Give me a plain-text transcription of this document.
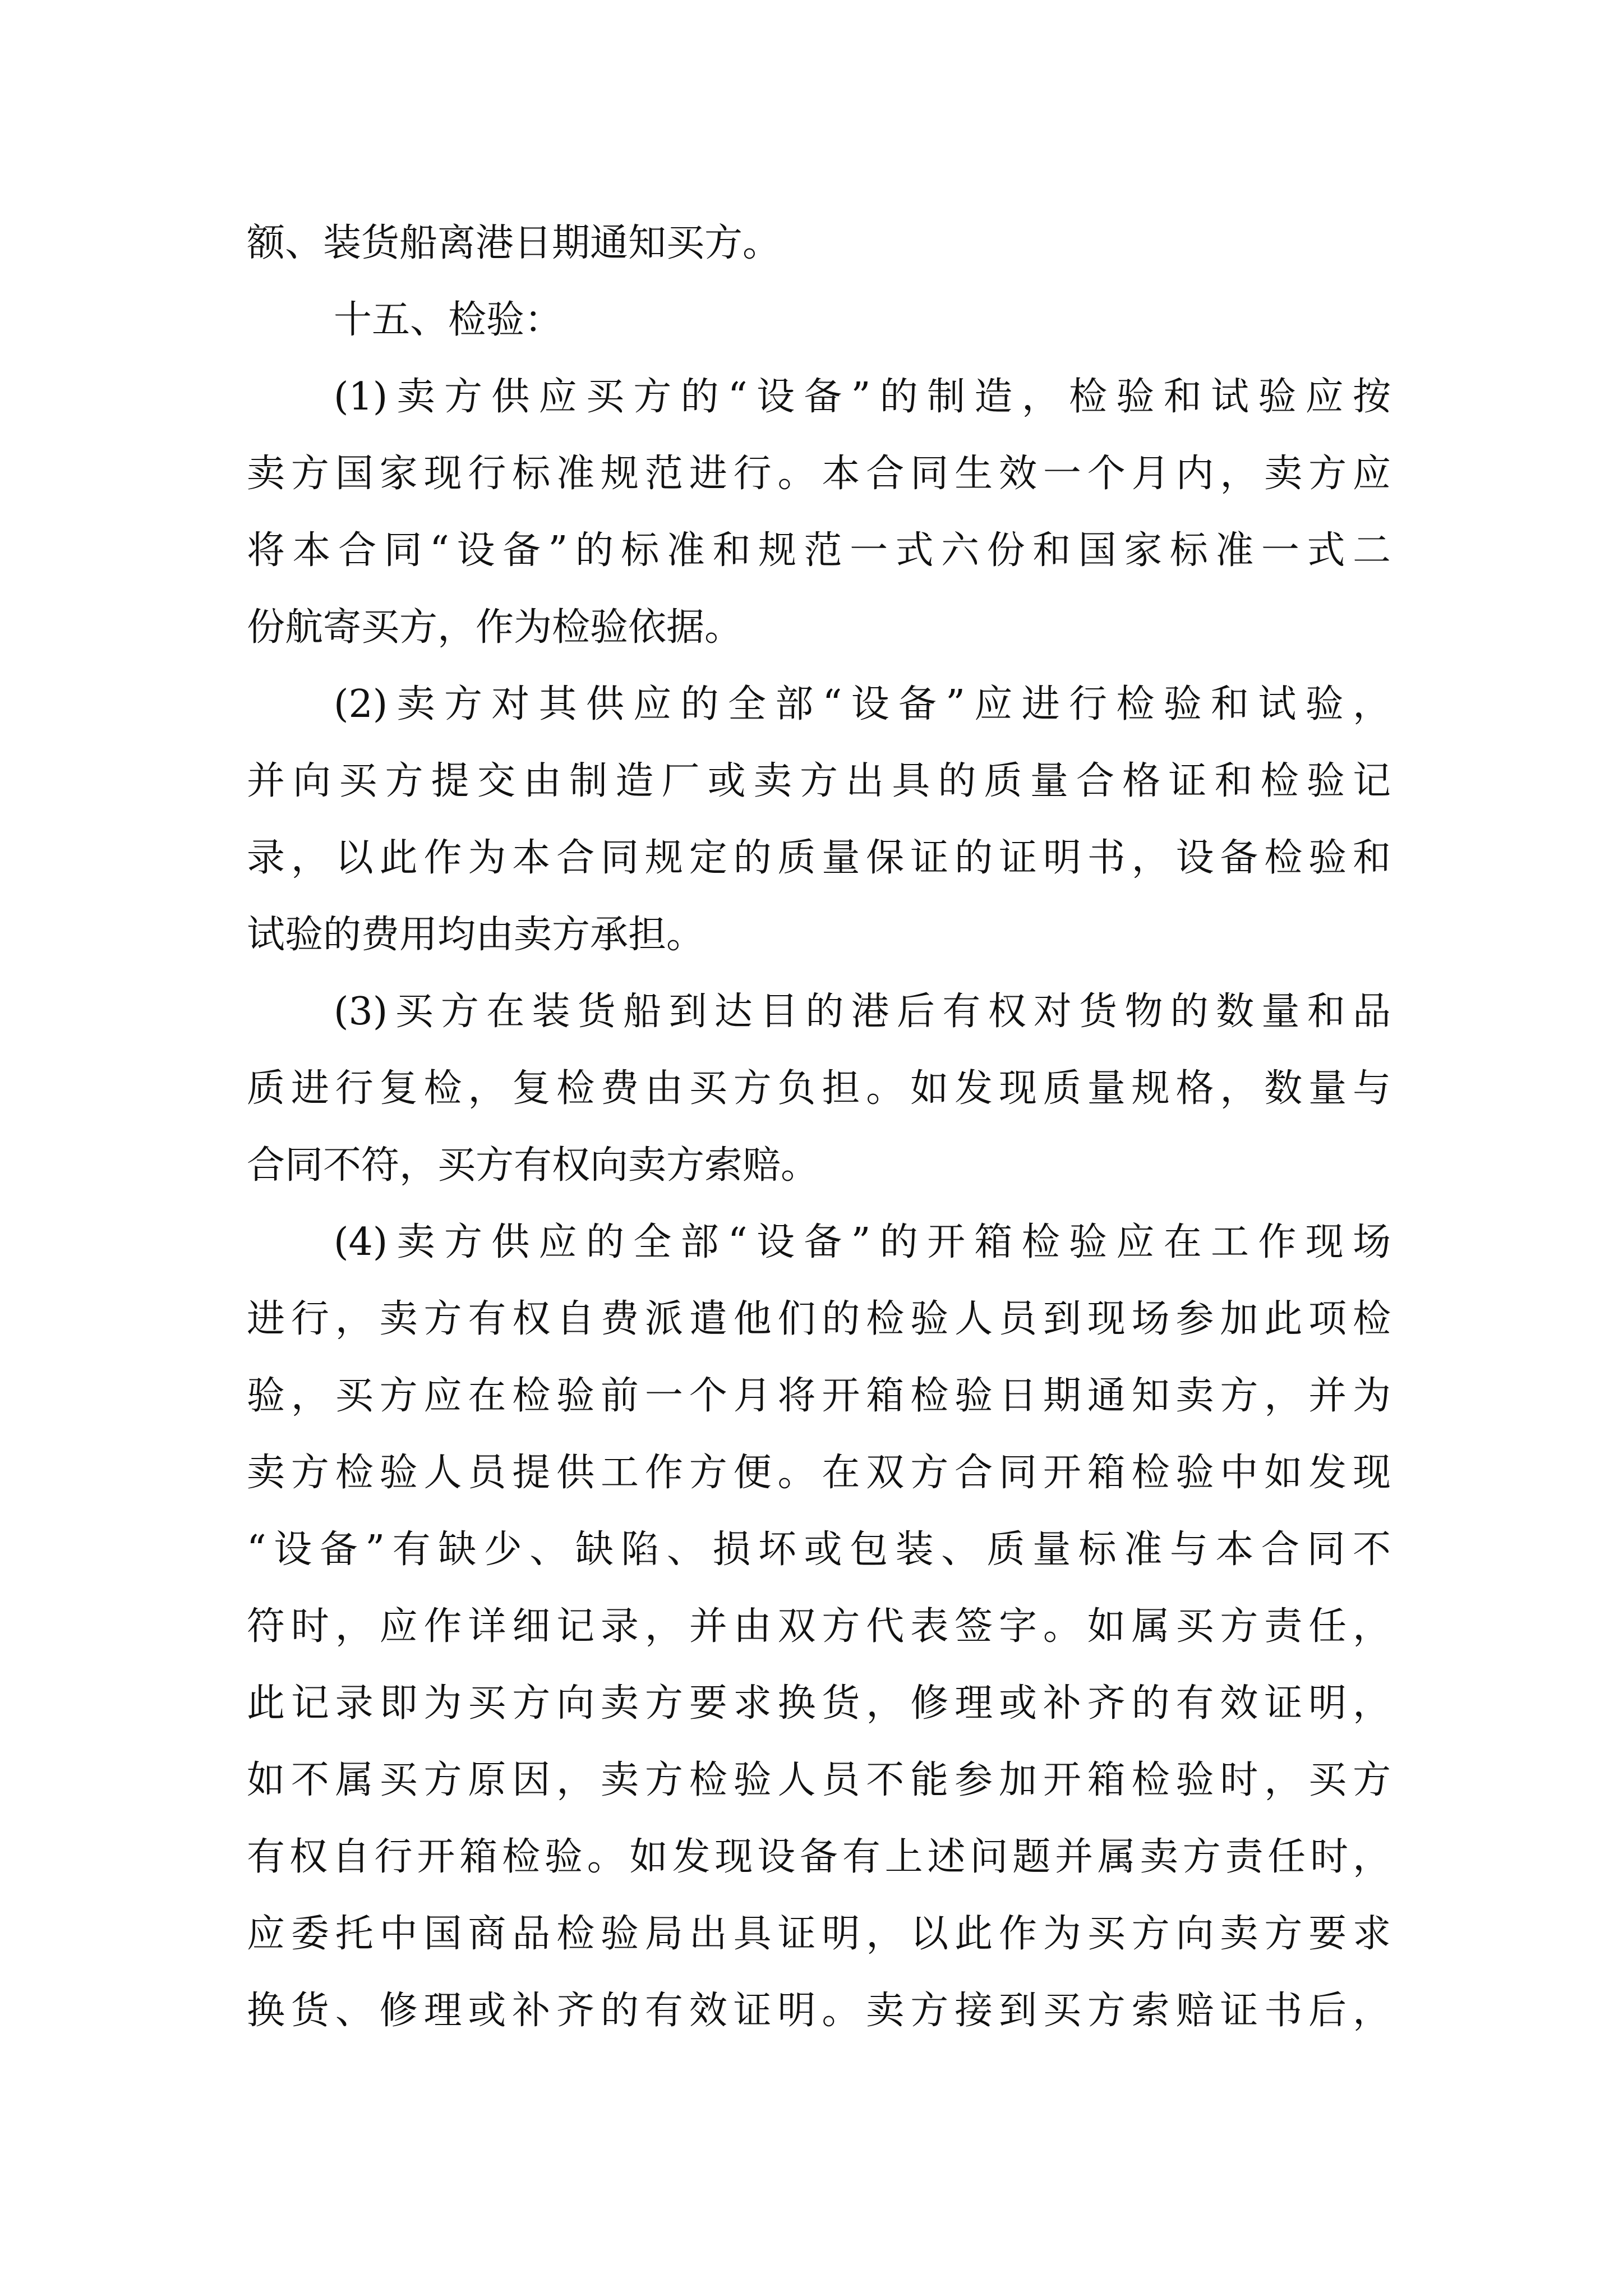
额、装货船离港日期通知买方。
十五、检验：
(1)卖方供应买方的“设备”的制造，检验和试验应按
卖方国家现行标准规范进行。本合同生效一个月内，卖方应
将本合同“设备”的标准和规范一式六份和国家标准一式二
份航寄买方，作为检验依据。
(2)卖方对其供应的全部“设备”应进行检验和试验，
并向买方提交由制造厂或卖方出具的质量合格证和检验记
录，以此作为本合同规定的质量保证的证明书，设备检验和
试验的费用均由卖方承担。
(3)买方在装货船到达目的港后有权对货物的数量和品
质进行复检，复检费由买方负担。如发现质量规格，数量与
合同不符，买方有权向卖方索赔。
(4)卖方供应的全部“设备”的开箱检验应在工作现场
进行，卖方有权自费派遣他们的检验人员到现场参加此项检
验，买方应在检验前一个月将开箱检验日期通知卖方，并为
卖方检验人员提供工作方便。在双方合同开箱检验中如发现
“设备”有缺少、缺陷、损坏或包装、质量标准与本合同不
符时，应作详细记录，并由双方代表签字。如属买方责任，
此记录即为买方向卖方要求换货，修理或补齐的有效证明，
如不属买方原因，卖方检验人员不能参加开箱检验时，买方
有权自行开箱检验。如发现设备有上述问题并属卖方责任时，
应委托中国商品检验局出具证明，以此作为买方向卖方要求
换货、修理或补齐的有效证明。卖方接到买方索赔证书后，
